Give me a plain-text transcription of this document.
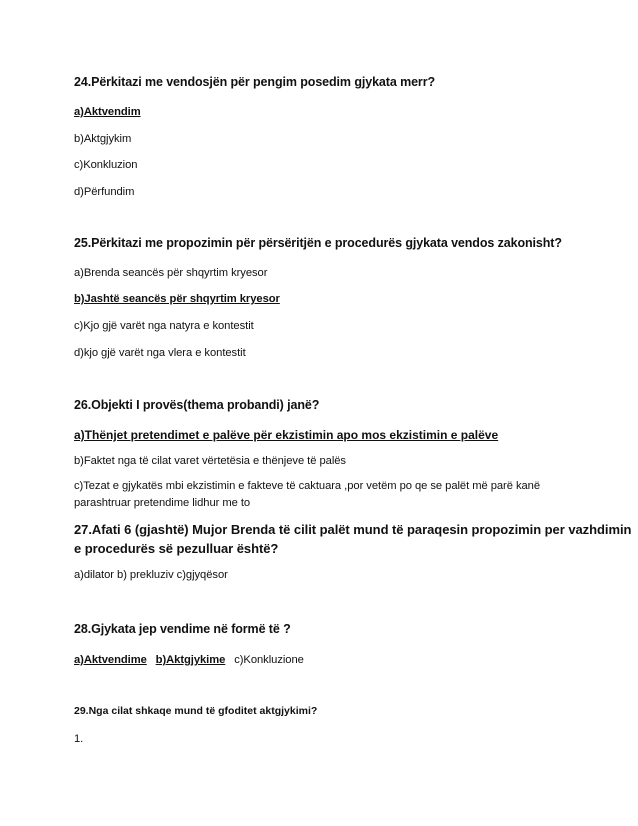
24.Përkitazi me vendosjën për pengim posedim gjykata merr?
a)Aktvendim
b)Aktgjykim
c)Konkluzion
d)Përfundim
25.Përkitazi me propozimin për përsëritjën e procedurës gjykata vendos zakonisht?
a)Brenda seancës për shqyrtim kryesor
b)Jashtë seancës për shqyrtim kryesor
c)Kjo gjë varët nga natyra e kontestit
d)kjo gjë varët nga vlera e kontestit
26.Objekti I provës(thema probandi) janë?
a)Thënjet pretendimet e palëve për ekzistimin apo mos ekzistimin e palëve
b)Faktet nga të cilat varet vërtetësia e thënjeve të palës
c)Tezat e gjykatës mbi ekzistimin e fakteve të caktuara ,por vetëm po qe se palët më parë kanë
parashtruar pretendime lidhur me to
27.Afati 6 (gjashtë) Mujor Brenda të cilit palët mund të paraqesin propozimin per vazhdimin
e procedurës së pezulluar është?
a)dilator b) prekluziv c)gjyqësor
28.Gjykata jep vendime në formë të ?
a)Aktvendime b)Aktgjykime c)Konkluzione
29.Nga cilat shkaqe mund të gfoditet aktgjykimi?
1.
